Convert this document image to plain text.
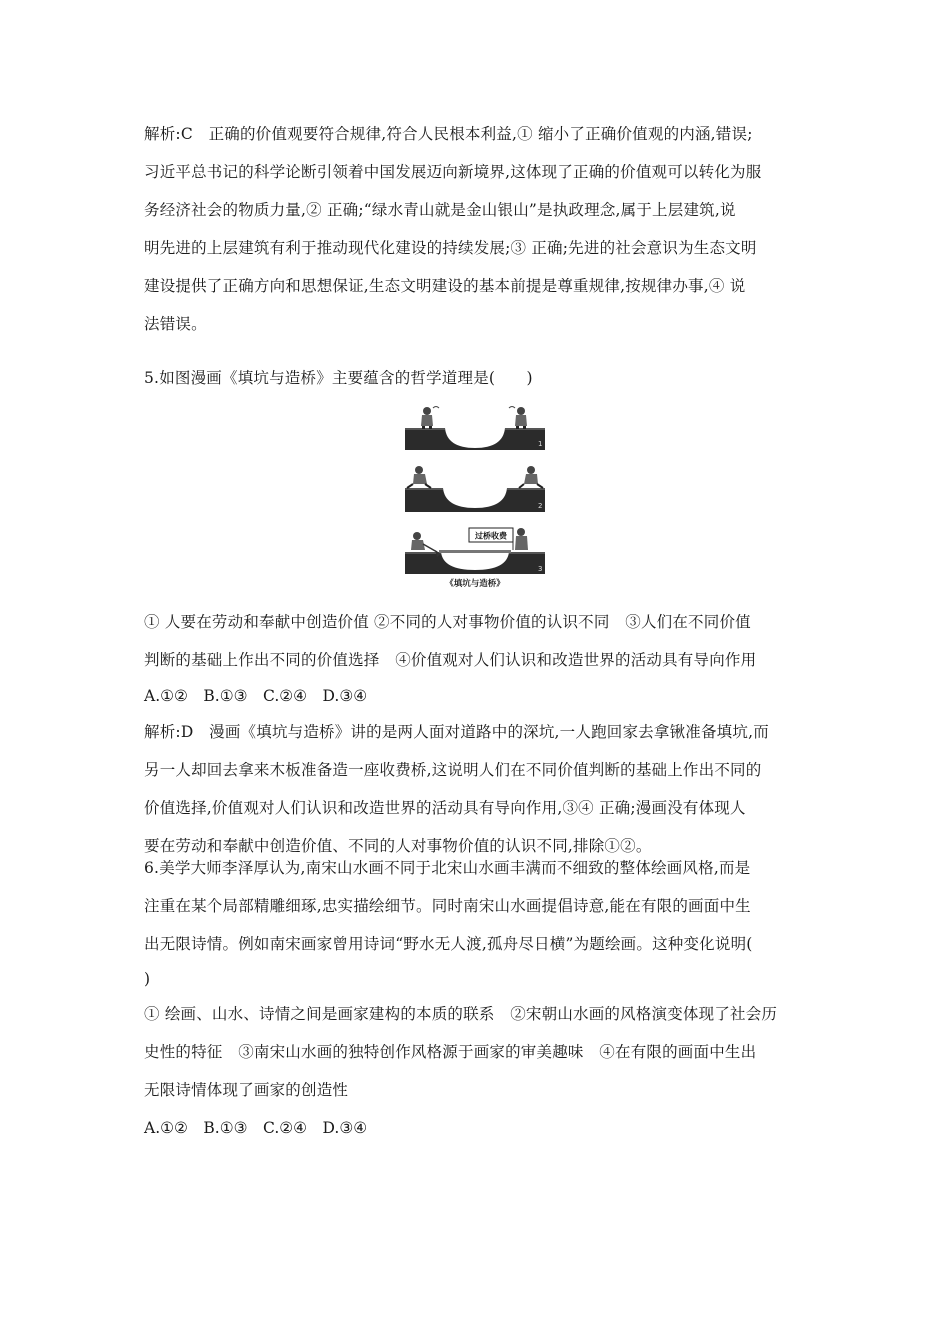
解析:C　正确的价值观要符合规律,符合人民根本利益,① 缩小了正确价值观的内涵,错误;
习近平总书记的科学论断引领着中国发展迈向新境界,这体现了正确的价值观可以转化为服
务经济社会的物质力量,② 正确;“绿水青山就是金山银山”是执政理念,属于上层建筑,说
明先进的上层建筑有利于推动现代化建设的持续发展;③ 正确;先进的社会意识为生态文明
建设提供了正确方向和思想保证,生态文明建设的基本前提是尊重规律,按规律办事,④ 说
法错误。
5.如图漫画《填坑与造桥》主要蕴含的哲学道理是(　　)
1
2
过桥收费
3
《填坑与造桥》
① 人要在劳动和奉献中创造价值 ②不同的人对事物价值的认识不同　③人们在不同价值
判断的基础上作出不同的价值选择　④价值观对人们认识和改造世界的活动具有导向作用
A.①②　B.①③　C.②④　D.③④
解析:D　漫画《填坑与造桥》讲的是两人面对道路中的深坑,一人跑回家去拿锹准备填坑,而
另一人却回去拿来木板准备造一座收费桥,这说明人们在不同价值判断的基础上作出不同的
价值选择,价值观对人们认识和改造世界的活动具有导向作用,③④ 正确;漫画没有体现人
要在劳动和奉献中创造价值、不同的人对事物价值的认识不同,排除①②。
6.美学大师李泽厚认为,南宋山水画不同于北宋山水画丰满而不细致的整体绘画风格,而是
注重在某个局部精雕细琢,忠实描绘细节。同时南宋山水画提倡诗意,能在有限的画面中生
出无限诗情。例如南宋画家曾用诗词“野水无人渡,孤舟尽日横”为题绘画。这种变化说明(
)
① 绘画、山水、诗情之间是画家建构的本质的联系　②宋朝山水画的风格演变体现了社会历
史性的特征　③南宋山水画的独特创作风格源于画家的审美趣味　④在有限的画面中生出
无限诗情体现了画家的创造性
A.①②　B.①③　C.②④　D.③④
